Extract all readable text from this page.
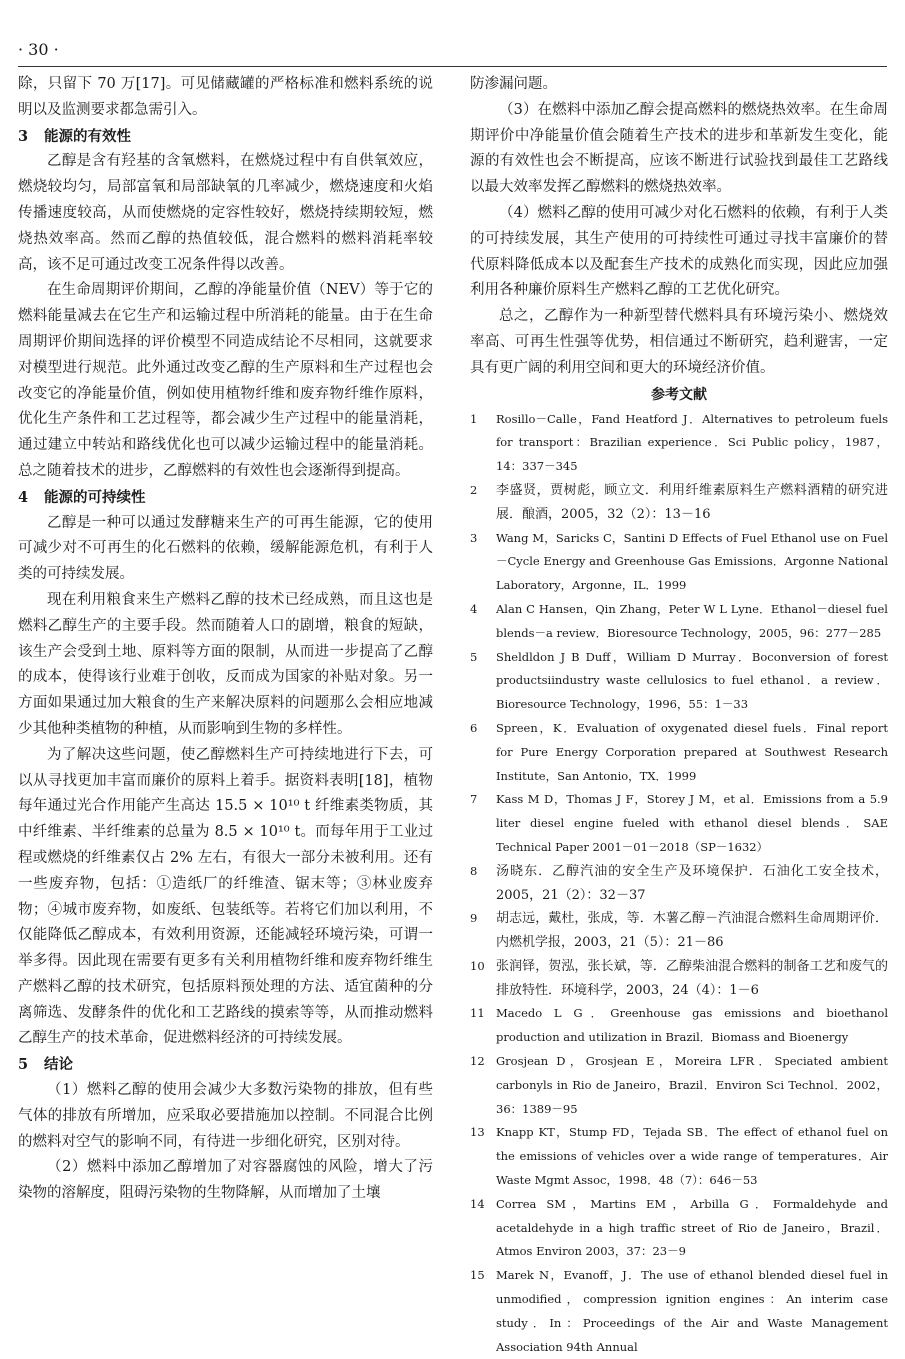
· 30 ·

除，只留下 70 万[17]。可见储藏罐的严格标准和燃料系统的说明以及监测要求都急需引入。

3 能源的有效性

乙醇是含有羟基的含氧燃料，在燃烧过程中有自供氧效应，燃烧较均匀，局部富氧和局部缺氧的几率减少，燃烧速度和火焰传播速度较高，从而使燃烧的定容性较好，燃烧持续期较短，燃烧热效率高。然而乙醇的热值较低，混合燃料的燃料消耗率较高，该不足可通过改变工况条件得以改善。

在生命周期评价期间，乙醇的净能量价值（NEV）等于它的燃料能量减去在它生产和运输过程中所消耗的能量。由于在生命周期评价期间选择的评价模型不同造成结论不尽相同，这就要求对模型进行规范。此外通过改变乙醇的生产原料和生产过程也会改变它的净能量价值，例如使用植物纤维和废弃物纤维作原料，优化生产条件和工艺过程等，都会减少生产过程中的能量消耗，通过建立中转站和路线优化也可以减少运输过程中的能量消耗。总之随着技术的进步，乙醇燃料的有效性也会逐渐得到提高。

4 能源的可持续性

乙醇是一种可以通过发酵糖来生产的可再生能源，它的使用可减少对不可再生的化石燃料的依赖，缓解能源危机，有利于人类的可持续发展。

现在利用粮食来生产燃料乙醇的技术已经成熟，而且这也是燃料乙醇生产的主要手段。然而随着人口的剧增，粮食的短缺，该生产会受到土地、原料等方面的限制，从而进一步提高了乙醇的成本，使得该行业难于创收，反而成为国家的补贴对象。另一方面如果通过加大粮食的生产来解决原料的问题那么会相应地减少其他种类植物的种植，从而影响到生物的多样性。

为了解决这些问题，使乙醇燃料生产可持续地进行下去，可以从寻找更加丰富而廉价的原料上着手。据资料表明[18]，植物每年通过光合作用能产生高达 15.5 × 10¹⁰ t 纤维素类物质，其中纤维素、半纤维素的总量为 8.5 × 10¹⁰ t。而每年用于工业过程或燃烧的纤维素仅占 2% 左右，有很大一部分未被利用。还有一些废弃物，包括：①造纸厂的纤维渣、锯末等；③林业废弃物；④城市废弃物，如废纸、包装纸等。若将它们加以利用，不仅能降低乙醇成本，有效利用资源，还能减轻环境污染，可谓一举多得。因此现在需要有更多有关利用植物纤维和废弃物纤维生产燃料乙醇的技术研究，包括原料预处理的方法、适宜菌种的分离筛选、发酵条件的优化和工艺路线的摸索等等，从而推动燃料乙醇生产的技术革命，促进燃料经济的可持续发展。

5 结论

（1）燃料乙醇的使用会减少大多数污染物的排放，但有些气体的排放有所增加，应采取必要措施加以控制。不同混合比例的燃料对空气的影响不同，有待进一步细化研究，区别对待。

（2）燃料中添加乙醇增加了对容器腐蚀的风险，增大了污染物的溶解度，阻碍污染物的生物降解，从而增加了土壤

防渗漏问题。

（3）在燃料中添加乙醇会提高燃料的燃烧热效率。在生命周期评价中净能量价值会随着生产技术的进步和革新发生变化，能源的有效性也会不断提高，应该不断进行试验找到最佳工艺路线以最大效率发挥乙醇燃料的燃烧热效率。

（4）燃料乙醇的使用可减少对化石燃料的依赖，有利于人类的可持续发展，其生产使用的可持续性可通过寻找丰富廉价的替代原料降低成本以及配套生产技术的成熟化而实现，因此应加强利用各种廉价原料生产燃料乙醇的工艺优化研究。

总之，乙醇作为一种新型替代燃料具有环境污染小、燃烧效率高、可再生性强等优势，相信通过不断研究，趋利避害，一定具有更广阔的利用空间和更大的环境经济价值。

参考文献

1	Rosillo－Calle，Fand Heatford J．Alternatives to petroleum fuels for transport：Brazilian experience．Sci Public policy，1987，14：337－345
2	李盛贤，贾树彪，顾立文．利用纤维素原料生产燃料酒精的研究进展．酿酒，2005，32（2）：13－16
3	Wang M，Saricks C，Santini D Effects of Fuel Ethanol use on Fuel－Cycle Energy and Greenhouse Gas Emissions．Argonne National Laboratory，Argonne，IL．1999
4	Alan C Hansen，Qin Zhang，Peter W L Lyne．Ethanol－diesel fuel blends－a review．Bioresource Technology，2005，96：277－285
5	Sheldldon J B Duff，William D Murray．Boconversion of forest productsiindustry waste cellulosics to fuel ethanol．a review．Bioresource Technology，1996，55：1－33
6	Spreen，K．Evaluation of oxygenated diesel fuels．Final report for Pure Energy Corporation prepared at Southwest Research Institute，San Antonio，TX．1999
7	Kass M D，Thomas J F，Storey J M，et al．Emissions from a 5.9 liter diesel engine fueled with ethanol diesel blends．SAE Technical Paper 2001－01－2018（SP－1632）
8	汤晓东．乙醇汽油的安全生产及环境保护．石油化工安全技术，2005，21（2）：32－37
9	胡志远，戴杜，张成，等．木薯乙醇－汽油混合燃料生命周期评价．内燃机学报，2003，21（5）：21－86
10 张润铎，贺泓，张长斌，等．乙醇柴油混合燃料的制备工艺和废气的排放特性．环境科学，2003，24（4）：1－6
11 Macedo L G．Greenhouse gas emissions and bioethanol production and utilization in Brazil．Biomass and Bioenergy
12 Grosjean D，Grosjean E，Moreira LFR．Speciated ambient carbonyls in Rio de Janeiro，Brazil．Environ Sci Technol．2002，36：1389－95
13 Knapp KT，Stump FD，Tejada SB．The effect of ethanol fuel on the emissions of vehicles over a wide range of temperatures．Air Waste Mgmt Assoc，1998．48（7）：646－53
14 Correa SM，Martins EM，Arbilla G．Formaldehyde and acetaldehyde in a high traffic street of Rio de Janeiro，Brazil．Atmos Environ 2003，37：23－9
15 Marek N，Evanoff，J．The use of ethanol blended diesel fuel in unmodified，compression ignition engines：An interim case study．In：Proceedings of the Air and Waste Management Association 94th Annual
